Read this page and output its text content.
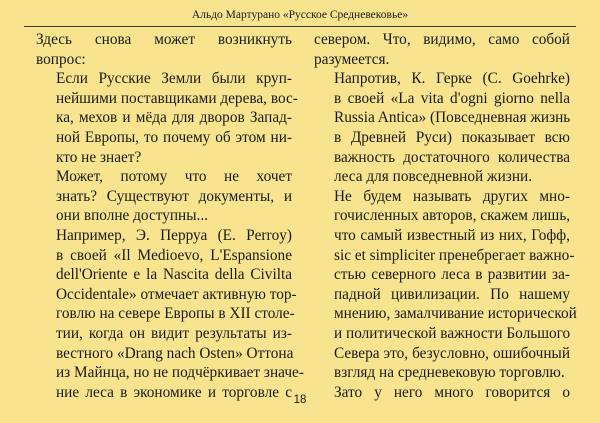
Альдо Мартурано «Русское Средневековье»

Здесь снова может возникнуть
вопрос:

Если Русские Земли были круп-
нейшими поставщиками дерева, вос-
ка, мехов и мёда для дворов Запад-
ной Европы, то почему об этом ни-
кто не знает?

Может, потому что не хочет
знать? Существуют документы, и
они вполне доступны...

Например, Э. Перруа (E. Perroy)
в своей «Il Medioevo, L'Espansione
dell'Oriente e la Nascita della Civilta
Occidentale» отмечает активную тор-
говлю на севере Европы в XII столе-
тии, когда он видит результаты из-
вестного «Drang nach Osten» Оттона
из Майнца, но не подчёркивает значе-
ние леса в экономике и торговле с

севером. Что, видимо, само собой
разумеется.

Напротив, К. Герке (C. Goehrke)
в своей «La vita d'ogni giorno nella
Russia Antica» (Повседневная жизнь
в Древней Руси) показывает всю
важность достаточного количества
леса для повседневной жизни.

Не будем называть других мно-
гочисленных авторов, скажем лишь,
что самый известный из них, Гофф,
sic et simpliciter пренебрегает важно-
стью северного леса в развитии за-
падной цивилизации. По нашему
мнению, замалчивание исторической
и политической важности Большого
Севера это, безусловно, ошибочный
взгляд на средневековую торговлю.

Зато у него много говорится о

18
